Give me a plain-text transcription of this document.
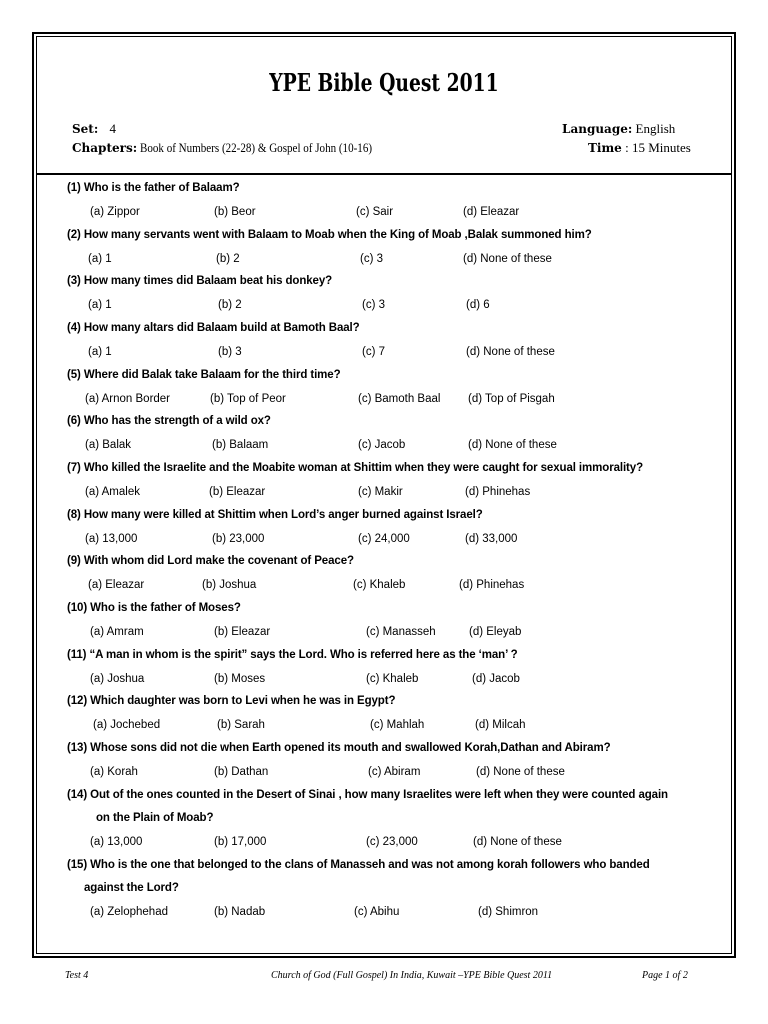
YPE Bible Quest 2011
Set: 4
Chapters: Book of Numbers (22-28) & Gospel of John (10-16)
Language: English
Time : 15 Minutes
(1) Who is the father of Balaam?
(a) Zippor	(b) Beor	(c) Sair	(d) Eleazar
(2) How many servants went with Balaam to Moab when the King of Moab ,Balak summoned him?
(a) 1	(b) 2	(c) 3	(d) None of these
(3) How many times did Balaam beat his donkey?
(a) 1	(b) 2	(c) 3	(d) 6
(4) How many altars did Balaam build at Bamoth Baal?
(a) 1	(b) 3	(c) 7	(d) None of these
(5) Where did Balak take Balaam for the third time?
(a) Arnon Border	(b) Top of Peor	(c) Bamoth Baal (d) Top of Pisgah
(6) Who has the strength of a wild ox?
(a) Balak	(b) Balaam	(c) Jacob	(d) None of these
(7) Who killed the Israelite and the Moabite woman at Shittim when they were caught for sexual immorality?
(a) Amalek	(b) Eleazar	(c) Makir	(d) Phinehas
(8) How many were killed at Shittim when Lord’s anger burned against Israel?
(a) 13,000	(b) 23,000	(c) 24,000	(d) 33,000
(9) With whom did Lord make the covenant of Peace?
(a) Eleazar	(b) Joshua	(c) Khaleb	(d) Phinehas
(10) Who is the father of Moses?
(a) Amram	(b) Eleazar	(c) Manasseh	(d) Eleyab
(11) “A man in whom is the spirit” says the Lord. Who is referred here as the ‘man’ ?
(a) Joshua	(b) Moses	(c) Khaleb	(d) Jacob
(12) Which daughter was born to Levi when he was in Egypt?
(a) Jochebed	(b) Sarah	(c) Mahlah	(d) Milcah
(13) Whose sons did not die when Earth opened its mouth and swallowed Korah,Dathan and Abiram?
(a) Korah	(b) Dathan	(c) Abiram	(d) None of these
(14) Out of the ones counted in the Desert of Sinai , how many Israelites were left when they were counted again
on the Plain of Moab?
(a) 13,000	(b) 17,000	(c) 23,000	(d) None of these
(15) Who is the one that belonged to the clans of Manasseh and was not among korah followers who banded
against the Lord?
(a) Zelophehad	(b) Nadab	(c) Abihu	(d) Shimron
Test 4	Church of God (Full Gospel) In India, Kuwait –YPE Bible Quest 2011	Page 1 of 2
